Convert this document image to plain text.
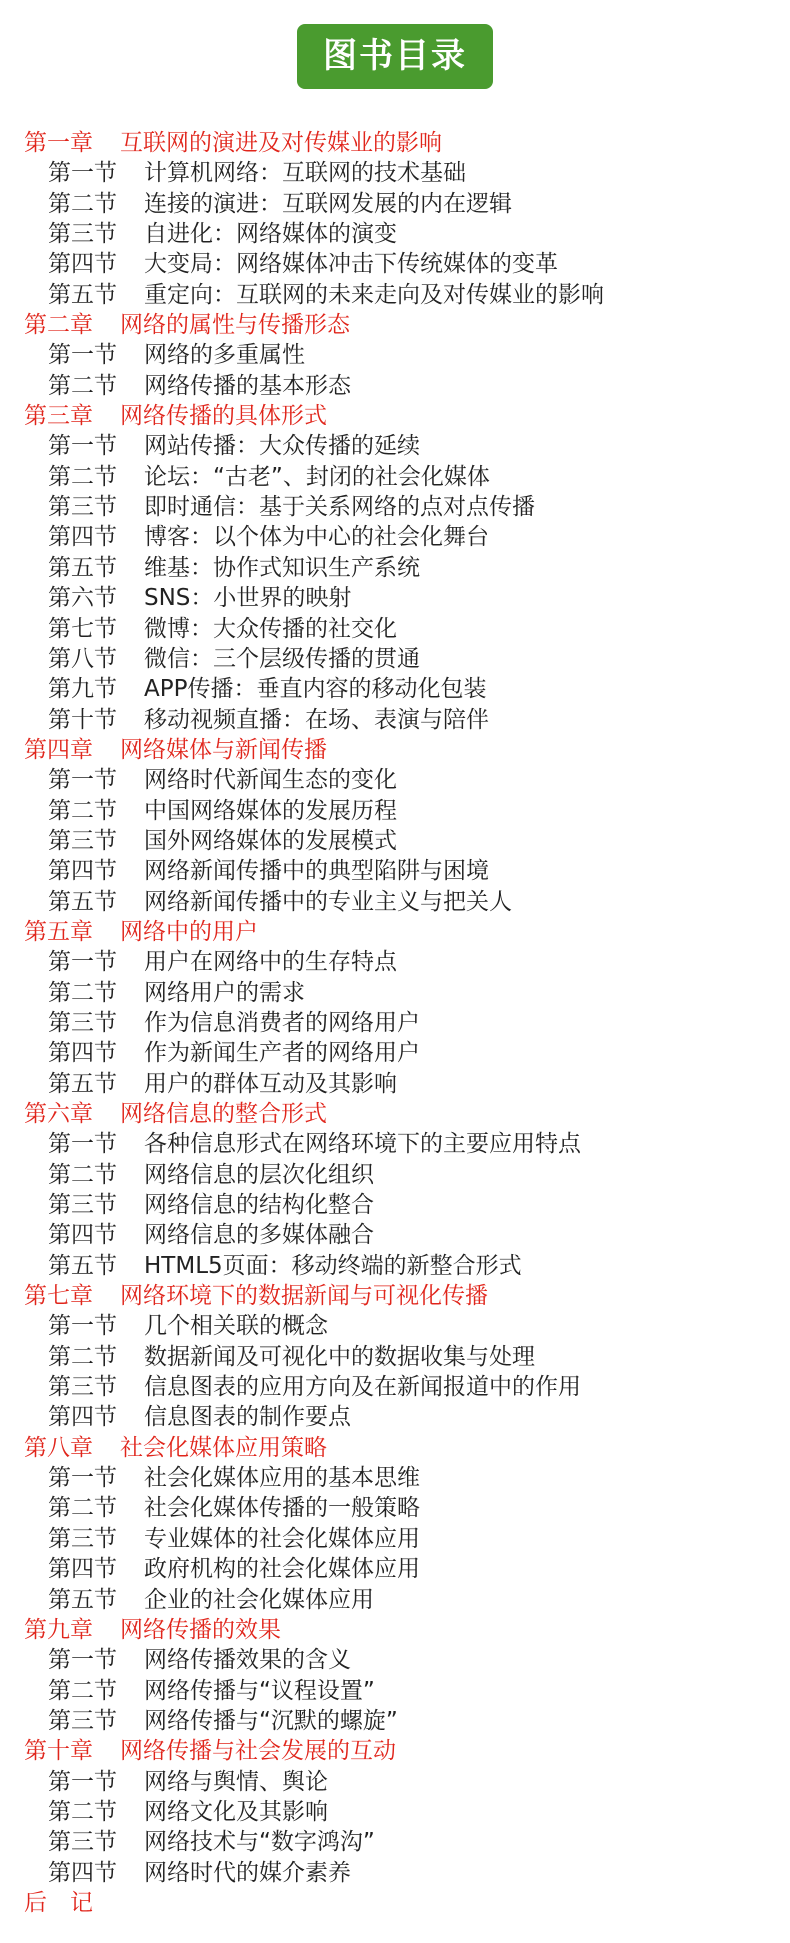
图书目录
第一章 互联网的演进及对传媒业的影响
第一节 计算机网络：互联网的技术基础
第二节 连接的演进：互联网发展的内在逻辑
第三节 自进化：网络媒体的演变
第四节 大变局：网络媒体冲击下传统媒体的变革
第五节 重定向：互联网的未来走向及对传媒业的影响
第二章 网络的属性与传播形态
第一节 网络的多重属性
第二节 网络传播的基本形态
第三章 网络传播的具体形式
第一节 网站传播：大众传播的延续
第二节 论坛：“古老”、封闭的社会化媒体
第三节 即时通信：基于关系网络的点对点传播
第四节 博客：以个体为中心的社会化舞台
第五节 维基：协作式知识生产系统
第六节 SNS：小世界的映射
第七节 微博：大众传播的社交化
第八节 微信：三个层级传播的贯通
第九节 APP传播：垂直内容的移动化包装
第十节 移动视频直播：在场、表演与陪伴
第四章 网络媒体与新闻传播
第一节 网络时代新闻生态的变化
第二节 中国网络媒体的发展历程
第三节 国外网络媒体的发展模式
第四节 网络新闻传播中的典型陷阱与困境
第五节 网络新闻传播中的专业主义与把关人
第五章 网络中的用户
第一节 用户在网络中的生存特点
第二节 网络用户的需求
第三节 作为信息消费者的网络用户
第四节 作为新闻生产者的网络用户
第五节 用户的群体互动及其影响
第六章 网络信息的整合形式
第一节 各种信息形式在网络环境下的主要应用特点
第二节 网络信息的层次化组织
第三节 网络信息的结构化整合
第四节 网络信息的多媒体融合
第五节 HTML5页面：移动终端的新整合形式
第七章 网络环境下的数据新闻与可视化传播
第一节 几个相关联的概念
第二节 数据新闻及可视化中的数据收集与处理
第三节 信息图表的应用方向及在新闻报道中的作用
第四节 信息图表的制作要点
第八章 社会化媒体应用策略
第一节 社会化媒体应用的基本思维
第二节 社会化媒体传播的一般策略
第三节 专业媒体的社会化媒体应用
第四节 政府机构的社会化媒体应用
第五节 企业的社会化媒体应用
第九章 网络传播的效果
第一节 网络传播效果的含义
第二节 网络传播与“议程设置”
第三节 网络传播与“沉默的螺旋”
第十章 网络传播与社会发展的互动
第一节 网络与舆情、舆论
第二节 网络文化及其影响
第三节 网络技术与“数字鸿沟”
第四节 网络时代的媒介素养
后　记
